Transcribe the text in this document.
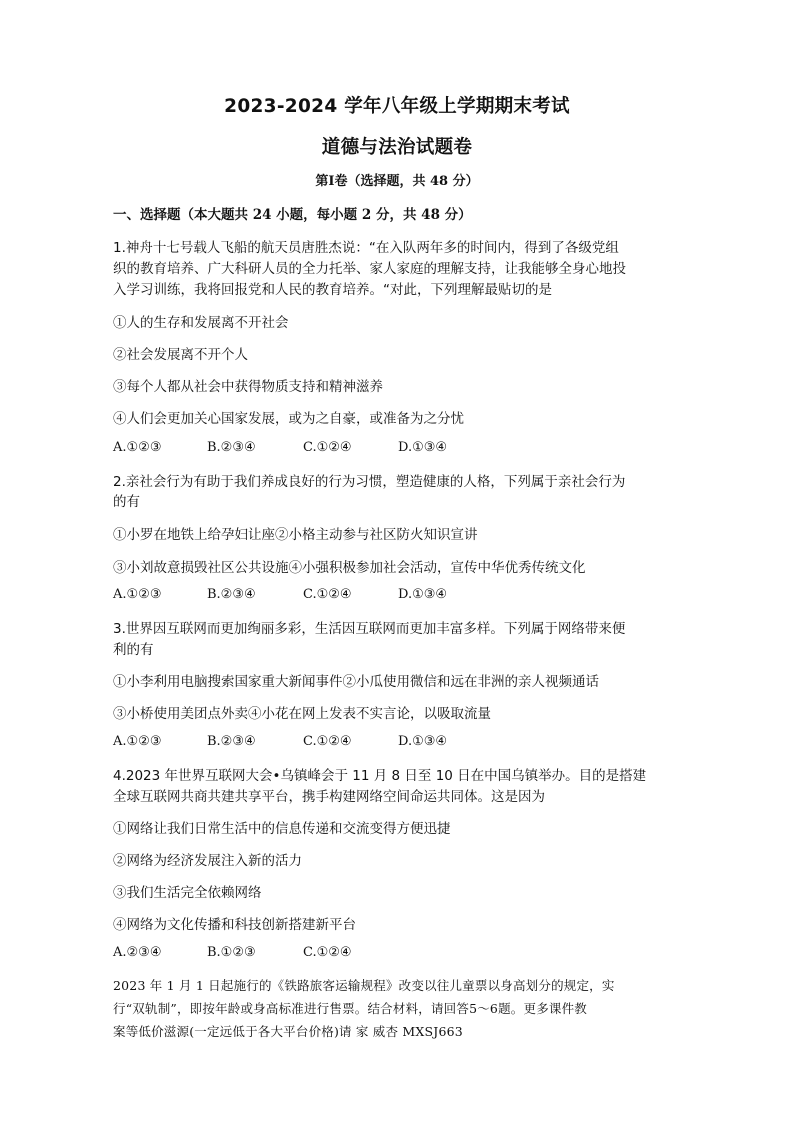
2023-2024 学年八年级上学期期末考试
道德与法治试题卷
第Ⅰ卷（选择题，共 48 分）
一、选择题（本大题共 24 小题，每小题 2 分，共 48 分）
1.神舟十七号载人飞船的航天员唐胜杰说：“在入队两年多的时间内，得到了各级党组
织的教育培养、广大科研人员的全力托举、家人家庭的理解支持，让我能够全身心地投
入学习训练，我将回报党和人民的教育培养。“对此，下列理解最贴切的是
①人的生存和发展离不开社会
②社会发展离不开个人
③每个人都从社会中获得物质支持和精神滋养
④人们会更加关心国家发展，或为之自豪，或准备为之分忧
A.①②③	B.②③④	C.①②④	D.①③④
2.亲社会行为有助于我们养成良好的行为习惯，塑造健康的人格，下列属于亲社会行为
的有
①小罗在地铁上给孕妇让座②小格主动参与社区防火知识宣讲
③小刘故意损毁社区公共设施④小强积极参加社会活动，宣传中华优秀传统文化
A.①②③	B.②③④	C.①②④	D.①③④
3.世界因互联网而更加绚丽多彩，生活因互联网而更加丰富多样。下列属于网络带来便
利的有
①小李利用电脑搜索国家重大新闻事件②小瓜使用微信和远在非洲的亲人视频通话
③小桥使用美团点外卖④小花在网上发表不实言论，以吸取流量
A.①②③	B.②③④	C.①②④	D.①③④
4.2023 年世界互联网大会•乌镇峰会于 11 月 8 日至 10 日在中国乌镇举办。目的是搭建
全球互联网共商共建共享平台，携手构建网络空间命运共同体。这是因为
①网络让我们日常生活中的信息传递和交流变得方便迅捷
②网络为经济发展注入新的活力
③我们生活完全依赖网络
④网络为文化传播和科技创新搭建新平台
A.②③④	B.①②③	C.①②④
2023 年 1 月 1 日起施行的《铁路旅客运输规程》改变以往儿童票以身高划分的规定，实
行“双轨制”，即按年龄或身高标准进行售票。结合材料，请回答5～6题。更多课件教
案等低价滋源(一定远低于各大平台价格)请 家 威杏 MXSJ663
